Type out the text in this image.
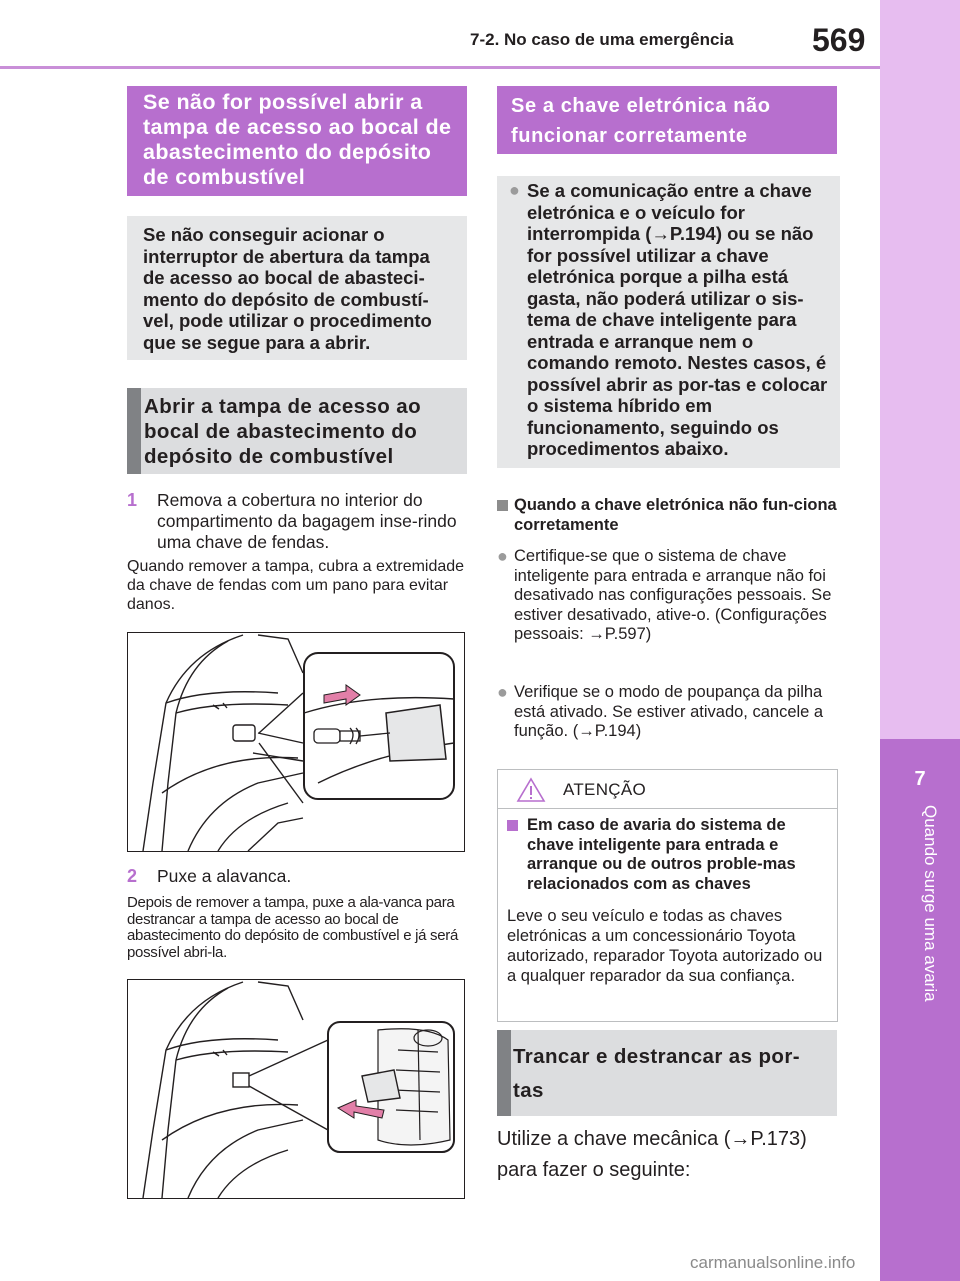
7-2. No caso de uma emergência 569
7
Quando surge uma avaria
Se não for possível abrir a tampa de acesso ao bocal de abastecimento do depósito de combustível
Se não conseguir acionar o interruptor de abertura da tampa de acesso ao bocal de abasteci-mento do depósito de combustí-vel, pode utilizar o procedimento que se segue para a abrir.
Abrir a tampa de acesso ao bocal de abastecimento do depósito de combustível
1 Remova a cobertura no interior do compartimento da bagagem inse-rindo uma chave de fendas.
Quando remover a tampa, cubra a extremidade da chave de fendas com um pano para evitar danos.
2 Puxe a alavanca.
Depois de remover a tampa, puxe a ala-vanca para destrancar a tampa de acesso ao bocal de abastecimento do depósito de combustível e já será possível abri-la.
Se a chave eletrónica não funcionar corretamente
● Se a comunicação entre a chave eletrónica e o veículo for interrompida (→P.194) ou se não for possível utilizar a chave eletrónica porque a pilha está gasta, não poderá utilizar o sis-tema de chave inteligente para entrada e arranque nem o comando remoto. Nestes casos, é possível abrir as por-tas e colocar o sistema híbrido em funcionamento, seguindo os procedimentos abaixo.
Quando a chave eletrónica não fun-ciona corretamente
● Certifique-se que o sistema de chave inteligente para entrada e arranque não foi desativado nas configurações pessoais. Se estiver desativado, ative-o. (Configurações pessoais: →P.597)
● Verifique se o modo de poupança da pilha está ativado. Se estiver ativado, cancele a função. (→P.194)
ATENÇÃO
Em caso de avaria do sistema de chave inteligente para entrada e arranque ou de outros proble-mas relacionados com as chaves
Leve o seu veículo e todas as chaves eletrónicas a um concessionário Toyota autorizado, reparador Toyota autorizado ou a qualquer reparador da sua confiança.
Trancar e destrancar as por-tas
Utilize a chave mecânica (→P.173) para fazer o seguinte:
carmanualsonline.info
